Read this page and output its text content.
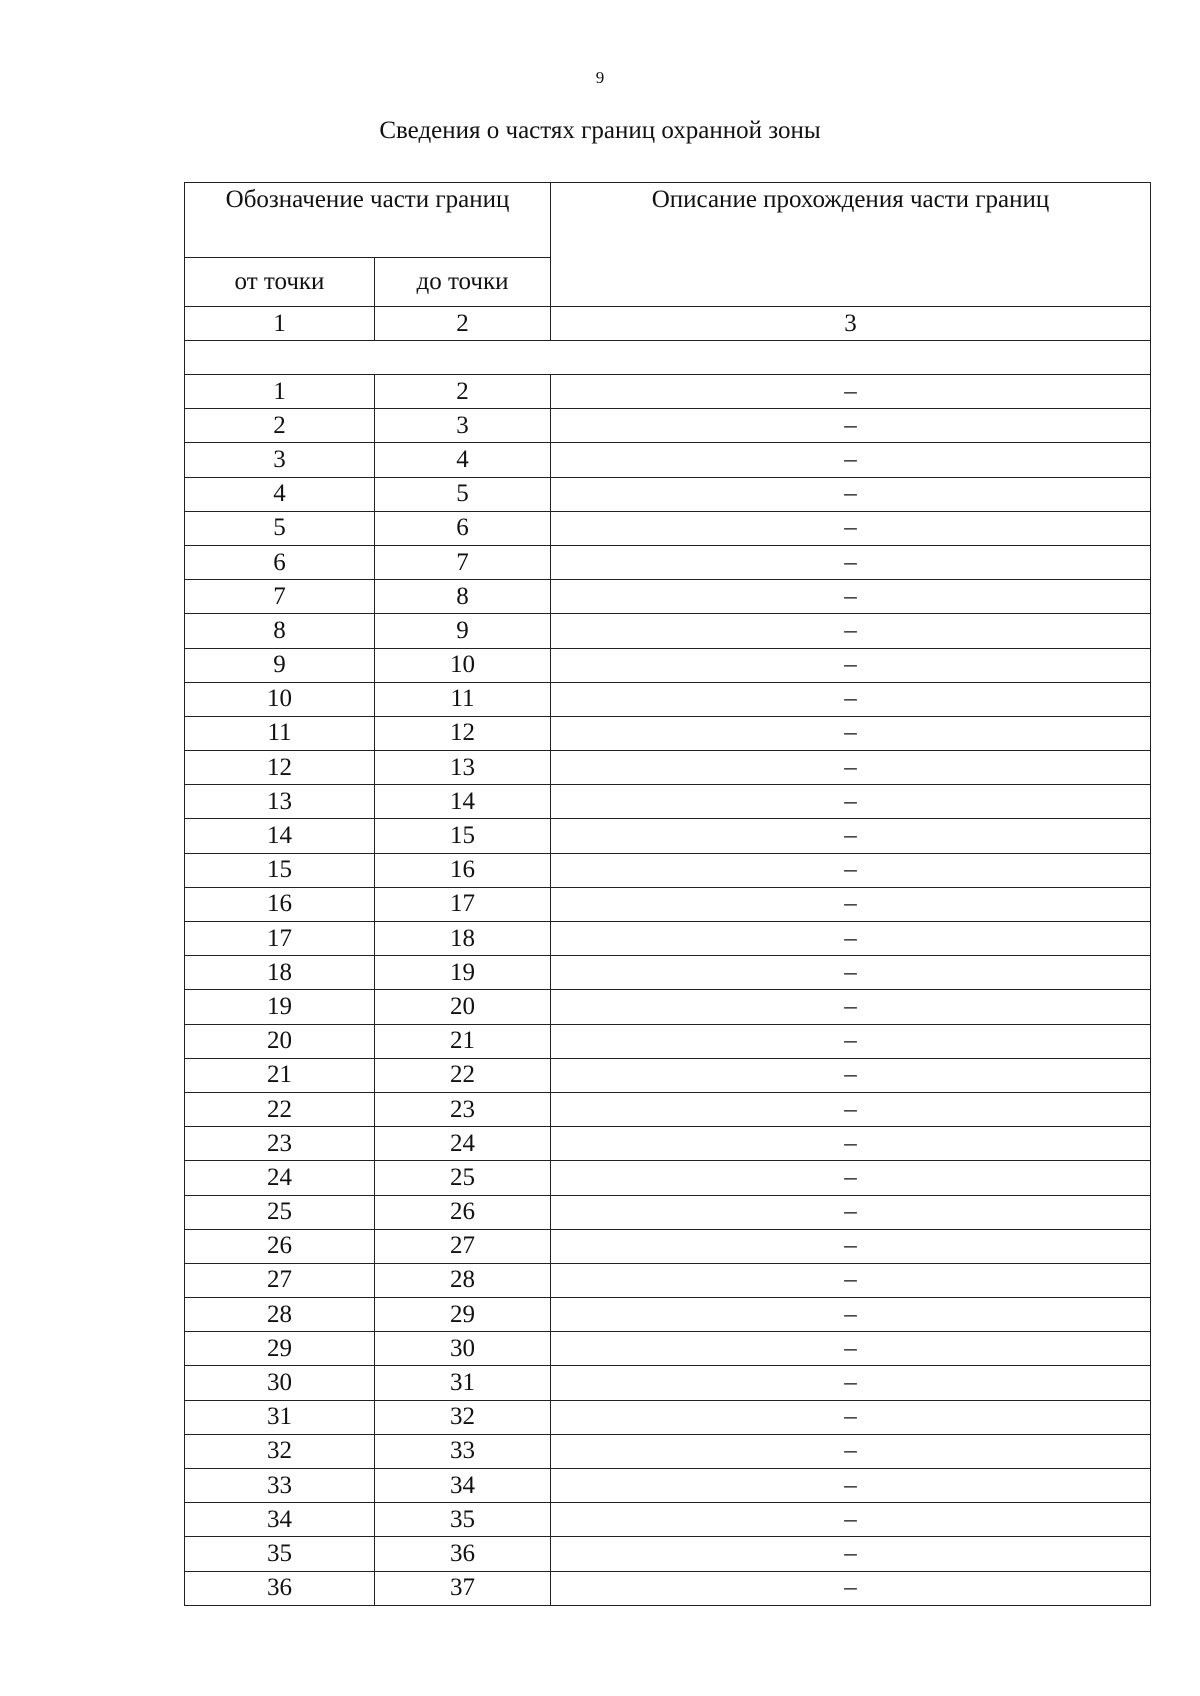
9
Сведения о частях границ охранной зоны
Обозначение части границ		Описание прохождения части границ
от точки	до точки	
1	2	3

1	2	–
2	3	–
3	4	–
4	5	–
5	6	–
6	7	–
7	8	–
8	9	–
9	10	–
10	11	–
11	12	–
12	13	–
13	14	–
14	15	–
15	16	–
16	17	–
17	18	–
18	19	–
19	20	–
20	21	–
21	22	–
22	23	–
23	24	–
24	25	–
25	26	–
26	27	–
27	28	–
28	29	–
29	30	–
30	31	–
31	32	–
32	33	–
33	34	–
34	35	–
35	36	–
36	37	–
